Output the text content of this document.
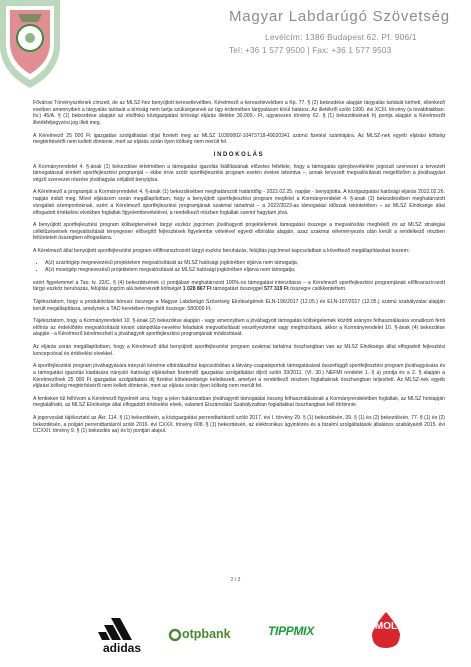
Magyar Labdarúgó Szövetség
Levélcím: 1386 Budapest 62. Pf. 906/1
Tel: +36 1 577 9500 | Fax: +36 1 577 9503

Fővárosi Törvényszéknek címzett, de az MLSZ-hez benyújtott keresetlevélben. Kérelmező a keresetlevelében a Kp. 77. § (2) bekezdése alapján tárgyalás tartását kérheti, ellenkező esetben amennyiben a tárgyalás tartását a bíróság nem tartja szükségesnek az ügy érdemében tárgyaláson kívül határoz. Az illetékről szóló 1990. évi XCIII. törvény (a továbbiakban: Itv.) 45/A. § (1) bekezdése alapján az elsőfokú közigazgatási bírósági eljárás illetéke 30.000,- Ft, ugyanezen törvény 62. § (1) bekezdésének h) pontja alapján a Kérelmezőt illetékfeljegyzési jog illeti meg.

A Kérelmező 25 000 Ft igazgatási szolgáltatási díjat fizetett meg az MLSZ 10300002-10473718-49020341 számú fizetési számlájára. Az MLSZ-nek egyéb eljárási költség megtérítéséről nem kellett döntenie, mert az eljárás során ilyen költség nem merült fel.

INDOKOLÁS

A Kormányrendelet 4. §-ának (1) bekezdése értelmében a támogatási igazolás kiállításának előzetes feltétele, hogy a támogatás igénybevételére jogosult szervezet a tervezett támogatással érintett sportfejlesztési programját – ebbe érve szóló sportfejlesztési program esetén évekre lebontva –, annak tervezett megvalósítását megelőzően a jóváhagyást végző szervezet részére jóváhagyás céljából benyújtsa.

A Kérelmező a programját a Kormányrendelet 4. §-ának (1) bekezdésében meghatározott határidőig - 2022.02.25. napján - benyújtotta. A közigazgatási hatósági eljárás 2022.02.26. napján indult meg. Mivel eljárásom során megállapítottam, hogy a benyújtott sportfejlesztési program megfelel a Kormányrendelet 4. §-ának (3) bekezdésében meghatározott vizsgálati szempontoknak, ezért a Kérelmező sportfejlesztési programjának szakmai tartalmát – a 2022/2023-as támogatási időszak tekintetében – az MLSZ Elnöksége által elfogadott értékelési elvekben foglaltak figyelembevételével, a rendelkező részben foglaltak szerint hagytam jóvá.

A benyújtott sportfejlesztési program költségtervének tárgyi eszköz jogcímen jóváhagyott projektelemek támogatási összege a megvalósítás megfelelő és az MLSZ stratégiai célkitűzéseinek megvalósítását tényegesen elősegítő fejlesztések figyelembe vételével egyedi elbírálás alapján, azaz szakmai véleményezés után került a rendelkező részben feltüntetett összegben elfogadásra.

A Kérelmező által benyújtott sportfejlesztési program előfinanszírozott tárgyi eszköz beruházás, felújítás jogcímnel kapcsolatban a következő megállapításokat teszem:

• A(z) szárítógép megnevezésű projektelem megvalósítását az MLSZ hatósági jogkörében eljárva nem támogatja;
• A(z) mosógép megnevezésű projektelem megvalósítását az MLSZ hatósági jogkörében eljárva nem támogatja;

ezért figyelemmel a Tao. tv. 22/C. § (4) bekezdésének c) pontjában meghatározott 100%-os támogatási intenzitásra – a Kérelmező sportfejlesztési programjának előfinanszírozott tárgyi eszköz beruházás, felújítás jogcím alá betervezett költségét 1 028 867 Ft támogatást összeggel 577 319 Ft összegre csökkentettem.

Tájékoztatom, hogy a produktivitási bónusz összege a Magyar Labdarúgó Szövetség Elnökségének ELN-196/2017 (12.05.) és ELN-197/2017 (12.05.) számú szabályzatai alapján került megállapításra, amelynek a TAO keretében megítélt összege: 580000 Ft.

Tájékoztatom, hogy a Kormányrendelet 10. §-ának (2) bekezdése alapján - vagy amennyiben a jóváhagyott támogatás költségelemek közötti arányos felhasználására vonatkozó fenti előírás az érdeklődés megvalósítását kivant utánpótlás-nevelési feladatok megvalósítását veszélyeztetné vagy meghiúsítaná, akkor a Kormányrendelet 10. §-ának (4) bekezdése alapján - a Kérelmező kérelmezheti a jóváhagyott sportfejlesztési programjának módosítását.

Az eljárás során megállapítottam, hogy a Kérelmező által benyújtott sportfejlesztési program szakmai tartalma összhangban van az MLSZ Elnöksége által elfogadott fejlesztési koncepcióval és értékelési elvekkel.

A sportfejlesztési program jóváhagyására irányuló kérelme elbírálásához kapcsolódóan a látvány-csapatsportok támogatásával összefüggő sportfejlesztési program jóváhagyására és a támogatási igazolás kiadására irányuló hatósági eljárásban fizetendő igazgatási szolgáltatási díjról szóló 39/2011. (VI. 30.) NEFMI rendelet 1. § a) pontja és a 2. § alapján a Kérelmezőnek 25 000 Ft igazgatási szolgáltatási díj fizetési kötelezettsége keletkezett, amelyet a rendelkező részben foglaltaknak összhangban teljesített. Az MLSZ-nek egyéb eljárási költség megtérítéséről nem kellett döntenie, mert az eljárás során ilyen költség nem merült fel.

A fentieken túl felhívom a Kérelmező figyelmét arra, hogy a jelen határozatban jóváhagyott támogatási összeg felhasználásának a Kormányrendeletben foglaltak, az MLSZ honlapján megtalálható, az MLSZ Elnöksége által elfogadott értékelési elvek, valamint Elszámolási Szabályzatban foglaltakkal összhangban kell történnie.

A jogorvoslati tájékoztató az Ákr. 114. § (1) bekezdésén, a közigazgatási perrendtartásról szóló 2017. évi I. törvény 29. § (1) bekezdésén, 39. § (1) és (2) bekezdésén, 77. § (1) és (2) bekezdésén, a polgári perrendtartásról szóló 2016. évi CXXX. törvény 608. § (1) bekezdésén, az elektronikus ügyintézés és a bizalmi szolgáltatások általános szabályairól 2015. évi CCXXII. törvény 9. § (1) bekezdés aa) és b) pontján alapul.

2 / 3
adidas
otpbank	TIPPMIX	MOL
